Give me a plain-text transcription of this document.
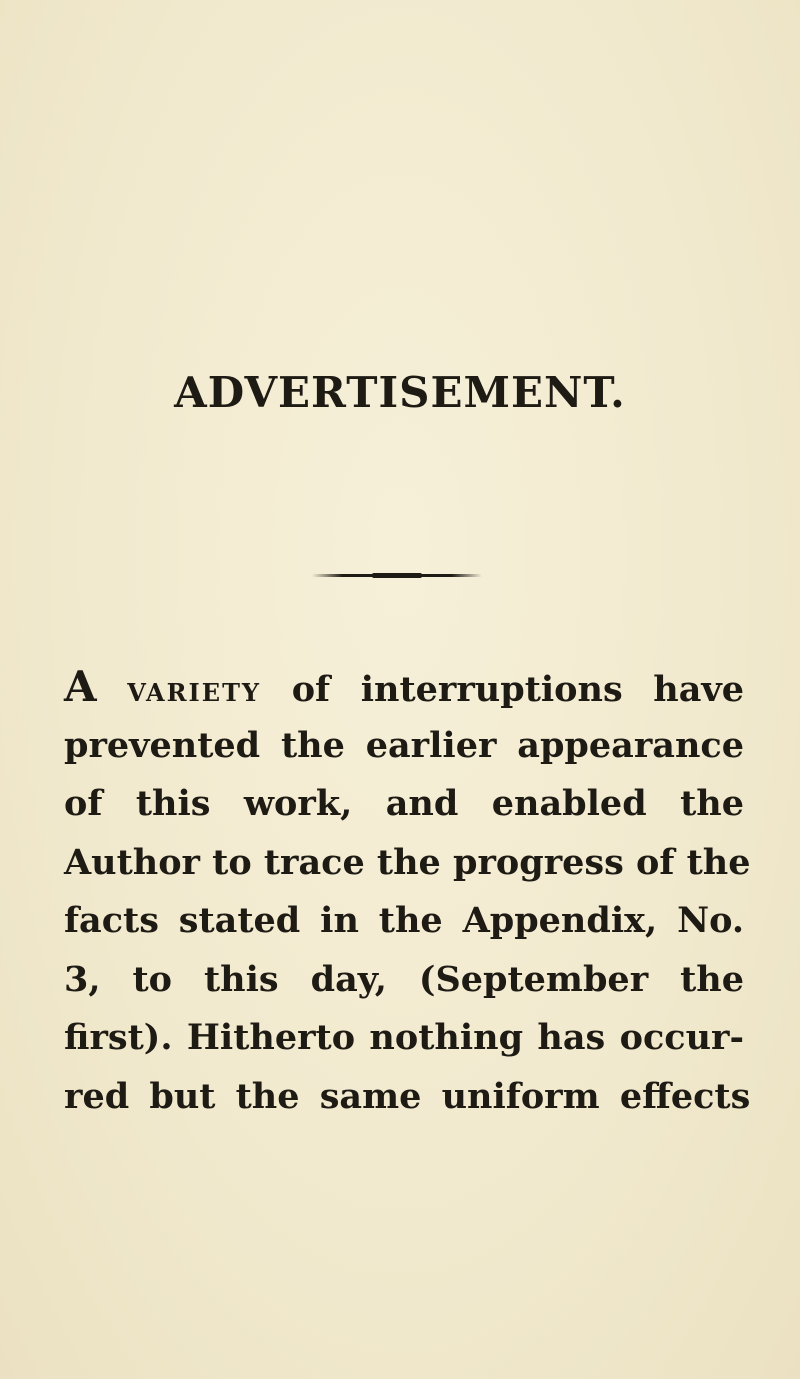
ADVERTISEMENT.
A VARIETY of interruptions have
prevented the earlier appearance
of this work, and enabled the
Author to trace the progress of the
facts stated in the Appendix, No.
3, to this day, (September the
first). Hitherto nothing has occur-
red but the same uniform effects
